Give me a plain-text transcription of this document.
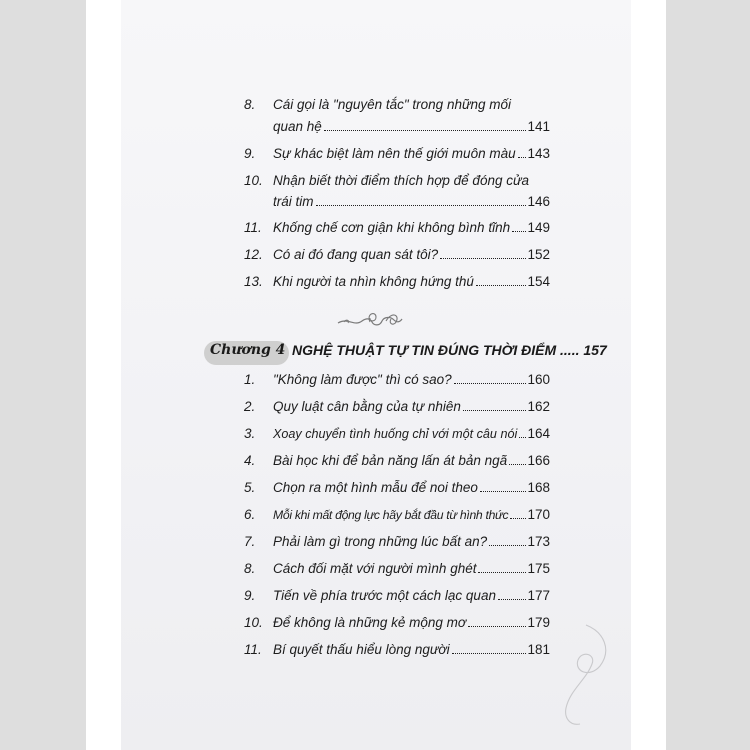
8.	Cái gọi là "nguyên tắc" trong những mối
quan hệ	141
9.	Sự khác biệt làm nên thế giới muôn màu 143
10. Nhận biết thời điểm thích hợp để đóng cửa
trái tim	146
11. Khống chế cơn giận khi không bình tĩnh 149
12. Có ai đó đang quan sát tôi?	152
13. Khi người ta nhìn không hứng thú	154
Chương 4 NGHỆ THUẬT TỰ TIN ĐÚNG THỜI ĐIỂM ..... 157
1.	"Không làm được" thì có sao?	160
2.	Quy luật cân bằng của tự nhiên	162
3.	Xoay chuyển tình huống chỉ với một câu nói 164
4.	Bài học khi để bản năng lấn át bản ngã 166
5.	Chọn ra một hình mẫu để noi theo	168
6.	Mỗi khi mất động lực hãy bắt đầu từ hình thức 170
7.	Phải làm gì trong những lúc bất an?	173
8.	Cách đối mặt với người mình ghét	175
9.	Tiến về phía trước một cách lạc quan 177
10. Để không là những kẻ mộng mơ	179
11. Bí quyết thấu hiểu lòng người	181
